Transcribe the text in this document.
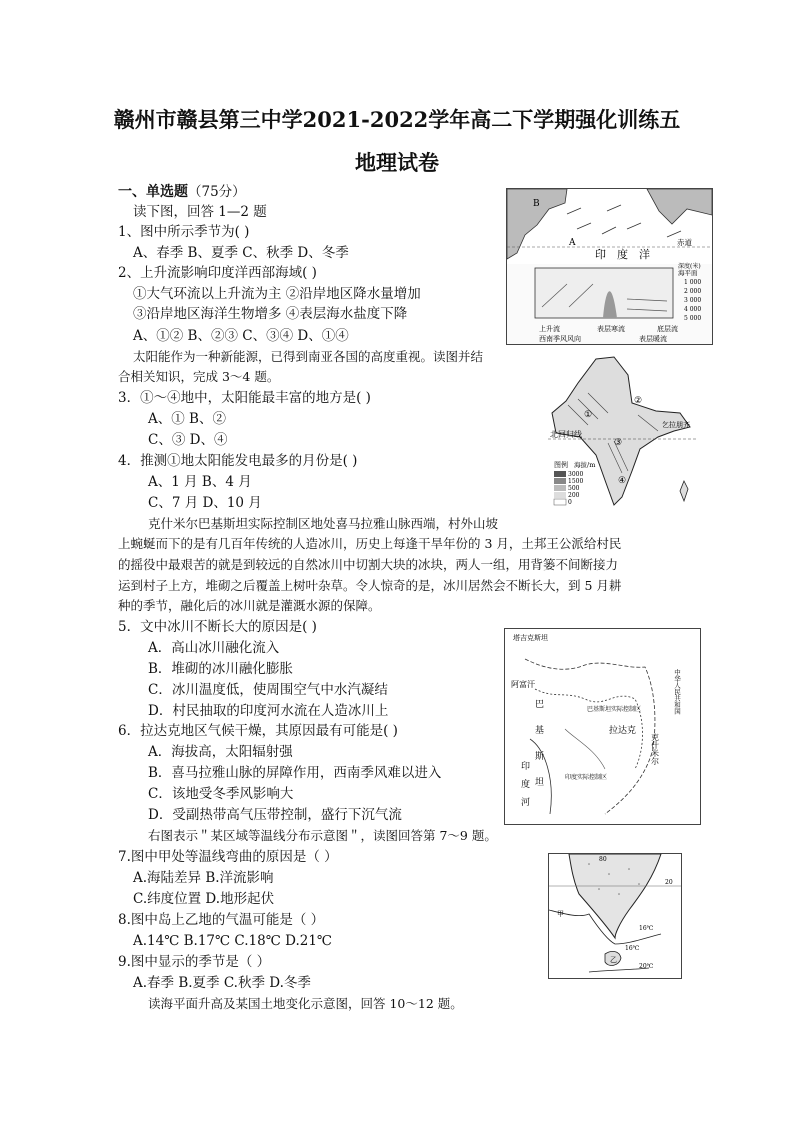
赣州市赣县第三中学2021-2022学年高二下学期强化训练五
地理试卷
一、单选题（75分）
读下图，回答 1—2 题
1、图中所示季节为( )
A、春季 B、夏季 C、秋季 D、冬季
2、上升流影响印度洋西部海域( )
①大气环流以上升流为主 ②沿岸地区降水量增加
③沿岸地区海洋生物增多 ④表层海水盐度下降
A、①② B、②③ C、③④ D、①④
太阳能作为一种新能源，已得到南亚各国的高度重视。读图并结
合相关知识，完成 3～4 题。
3．①～④地中，太阳能最丰富的地方是( )
A、① B、②
C、③ D、④
4．推测①地太阳能发电最多的月份是( )
A、1 月 B、4 月
C、7 月 D、10 月
克什米尔巴基斯坦实际控制区地处喜马拉雅山脉西端，村外山坡
上蜿蜒而下的是有几百年传统的人造冰川，历史上每逢干旱年份的 3 月，土邦王公派给村民
的摇役中最艰苦的就是到较远的自然冰川中切割大块的冰块，两人一组，用背篓不间断接力
运到村子上方，堆砌之后覆盖上树叶杂草。令人惊奇的是，冰川居然会不断长大，到 5 月耕
种的季节，融化后的冰川就是灌溉水源的保障。
5．文中冰川不断长大的原因是( )
A．高山冰川融化流入
B．堆砌的冰川融化膨胀
C．冰川温度低，使周围空气中水汽凝结
D．村民抽取的印度河水流在人造冰川上
6．拉达克地区气候干燥，其原因最有可能是( )
A．海拔高，太阳辐射强
B．喜马拉雅山脉的屏障作用，西南季风难以进入
C．该地受冬季风影响大
D．受副热带高气压带控制，盛行下沉气流
右图表示＂某区域等温线分布示意图＂，读图回答第 7～9 题。
7.图中甲处等温线弯曲的原因是（ ）
A.海陆差异 B.洋流影响
C.纬度位置 D.地形起伏
8.图中岛上乙地的气温可能是（ ）
A.14℃ B.17℃ C.18℃ D.21℃
9.图中显示的季节是（ ）
A.春季 B.夏季 C.秋季 D.冬季
读海平面升高及某国土地变化示意图，回答 10～12 题。
B
A
印 度 洋
赤道
海平面
深度(米)
1 000
2 000
3 000
4 000
5 000
上升流	表层寒流	底层流
西南季风风向	表层暖流
北回归线
①
②
乞拉朋齐
③
④
图例 海拔/m
3000
1500
500
200
0
塔吉克斯坦
阿富汗
巴
基
斯
坦
印
度
河
中华人民共和国
巴基斯坦实际控制区
拉达克
印度实际控制区
克什米尔
80
20
甲
16℃
16℃
乙
20℃
